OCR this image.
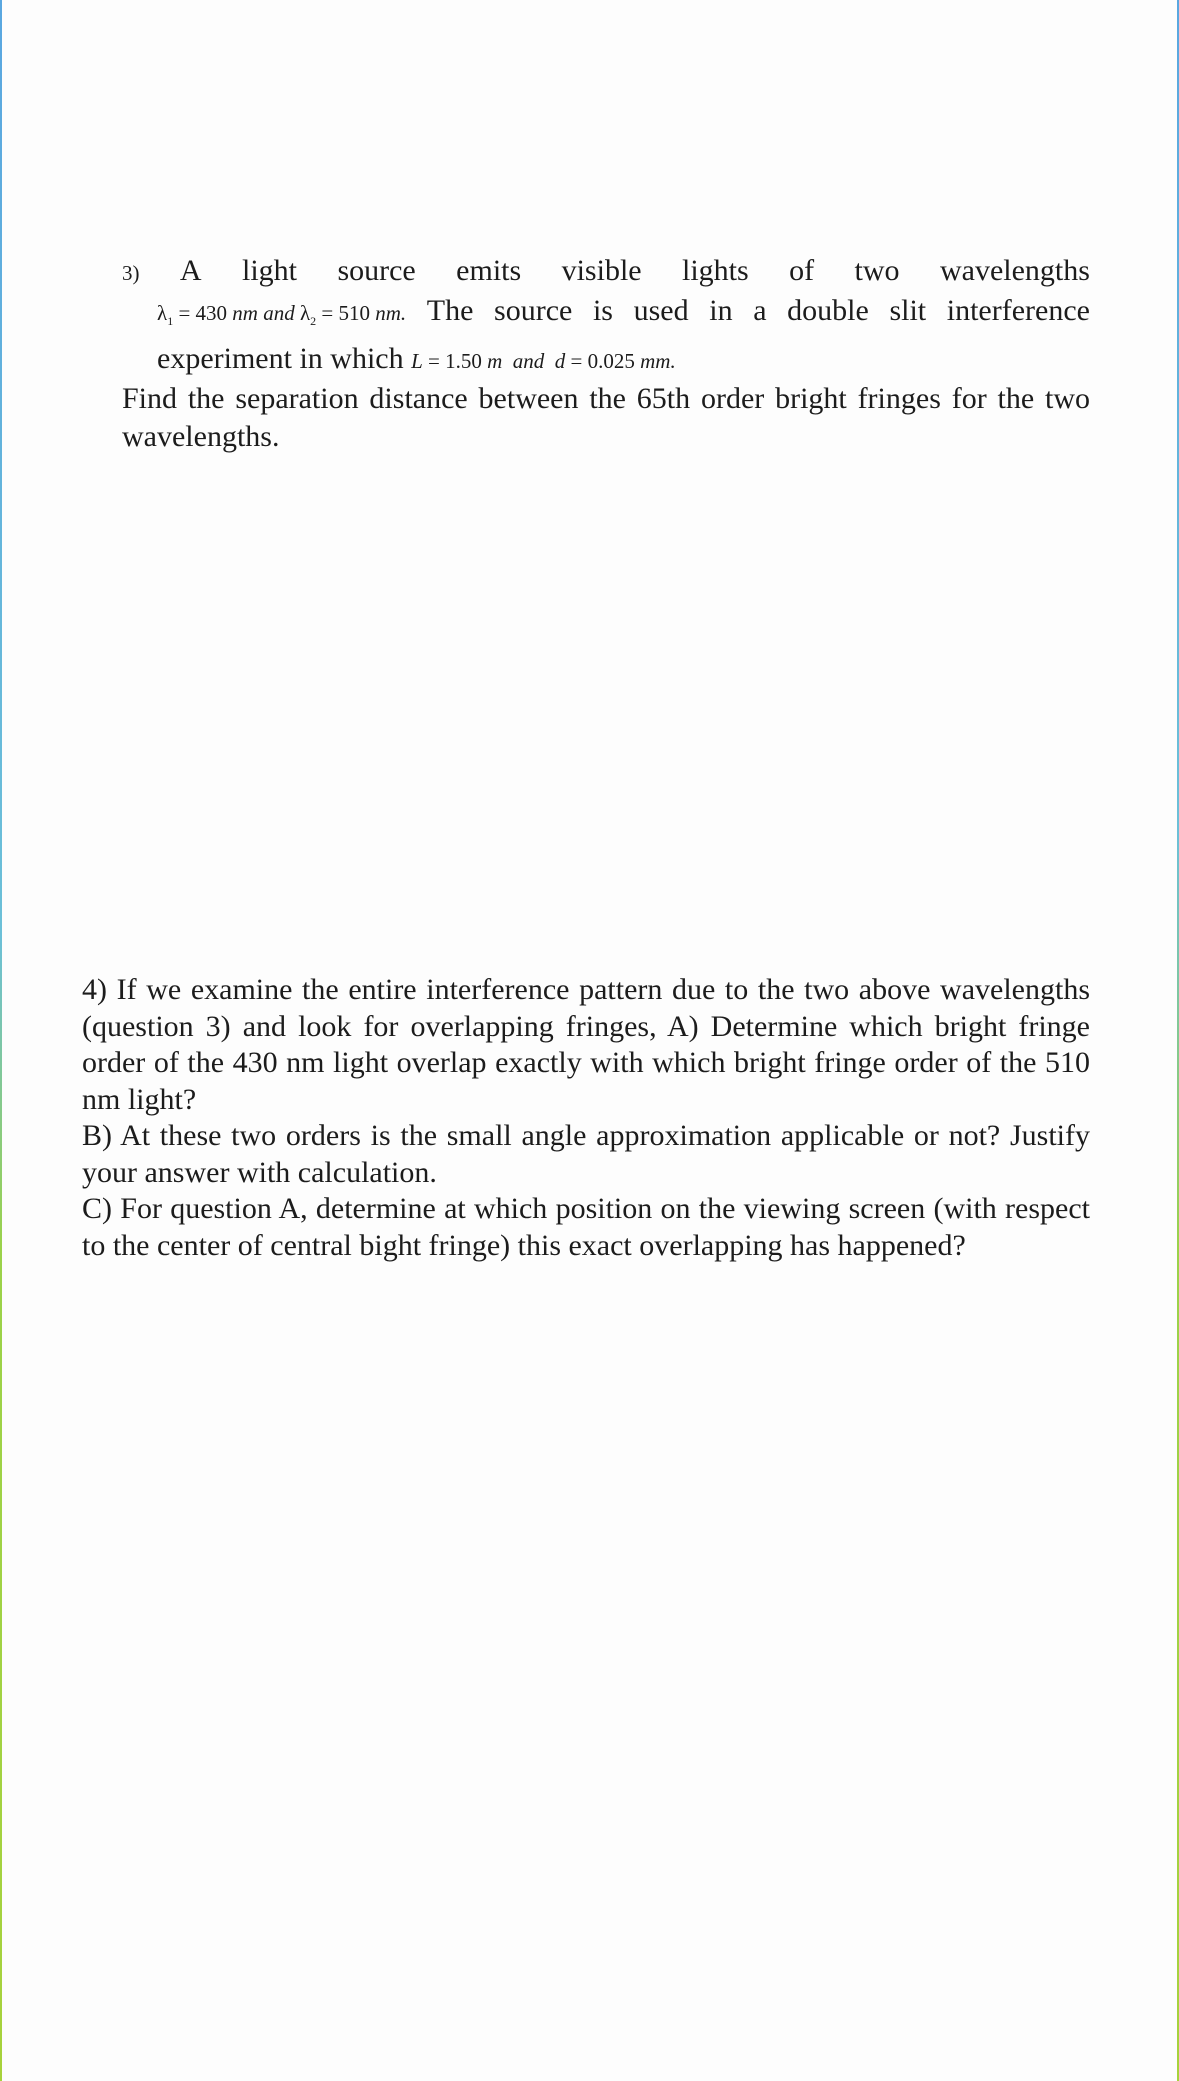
3) A light source emits visible lights of two wavelengths
$\lambda_1 = 430$ nm and $\lambda_2 = 510$ nm. The source is used in a double slit interference
experiment in which L = 1.50 m and d = 0.025 mm.
Find the separation distance between the 65th order bright fringes for the two wavelengths.

4) If we examine the entire interference pattern due to the two above wavelengths (question 3) and look for overlapping fringes, A) Determine which bright fringe order of the 430 nm light overlap exactly with which bright fringe order of the 510 nm light?

B) At these two orders is the small angle approximation applicable or not? Justify your answer with calculation.

C) For question A, determine at which position on the viewing screen (with respect to the center of central bight fringe) this exact overlapping has happened?
